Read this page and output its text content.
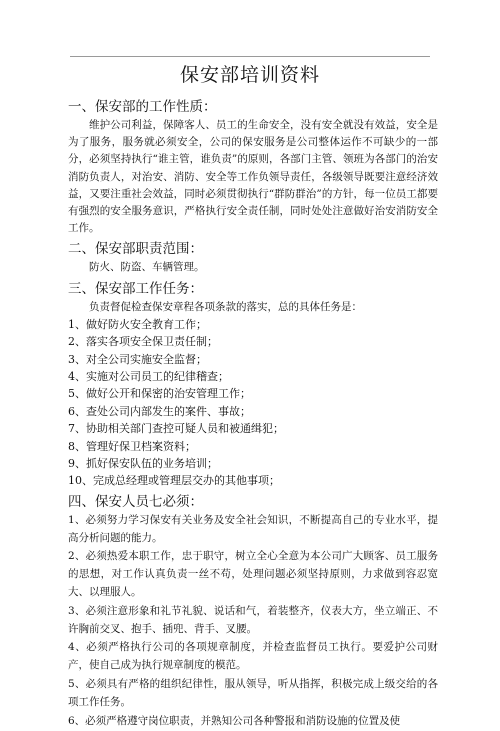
保安部培训资料
一、保安部的工作性质：
维护公司利益，保障客人、员工的生命安全，没有安全就没有效益，安全是为了服务，服务就必须安全，公司的保安服务是公司整体运作不可缺少的一部分，必须坚持执行“谁主管，谁负责”的原则，各部门主管、领班为各部门的治安消防负责人，对治安、消防、安全等工作负领导责任，各级领导既要注意经济效益，又要注重社会效益，同时必须贯彻执行“群防群治”的方针，每一位员工都要有强烈的安全服务意识，严格执行安全责任制，同时处处注意做好治安消防安全工作。
二、保安部职责范围：
防火、防盗、车辆管理。
三、保安部工作任务：
负责督促检查保安章程各项条款的落实，总的具体任务是：
1、做好防火安全教育工作；
2、落实各项安全保卫责任制；
3、对全公司实施安全监督；
4、实施对公司员工的纪律稽查；
5、做好公开和保密的治安管理工作；
6、查处公司内部发生的案件、事故；
7、协助相关部门查控可疑人员和被通缉犯；
8、管理好保卫档案资料；
9、抓好保安队伍的业务培训；
10、完成总经理或管理层交办的其他事项；
四、保安人员七必须：
1、必须努力学习保安有关业务及安全社会知识，不断提高自己的专业水平，提高分析问题的能力。
2、必须热爱本职工作，忠于职守，树立全心全意为本公司广大顾客、员工服务的思想，对工作认真负责一丝不苟，处理问题必须坚持原则，力求做到容忍宽大、以理服人。
3、必须注意形象和礼节礼貌、说话和气，着装整齐，仪表大方，坐立端正、不许胸前交叉、抱手、插兜、背手、叉腰。
4、必须严格执行公司的各项规章制度，并检查监督员工执行。要爱护公司财产，使自己成为执行规章制度的模范。
5、必须具有严格的组织纪律性，服从领导，听从指挥，积极完成上级交给的各项工作任务。
6、必须严格遵守岗位职责，并熟知公司各种警报和消防设施的位置及使
